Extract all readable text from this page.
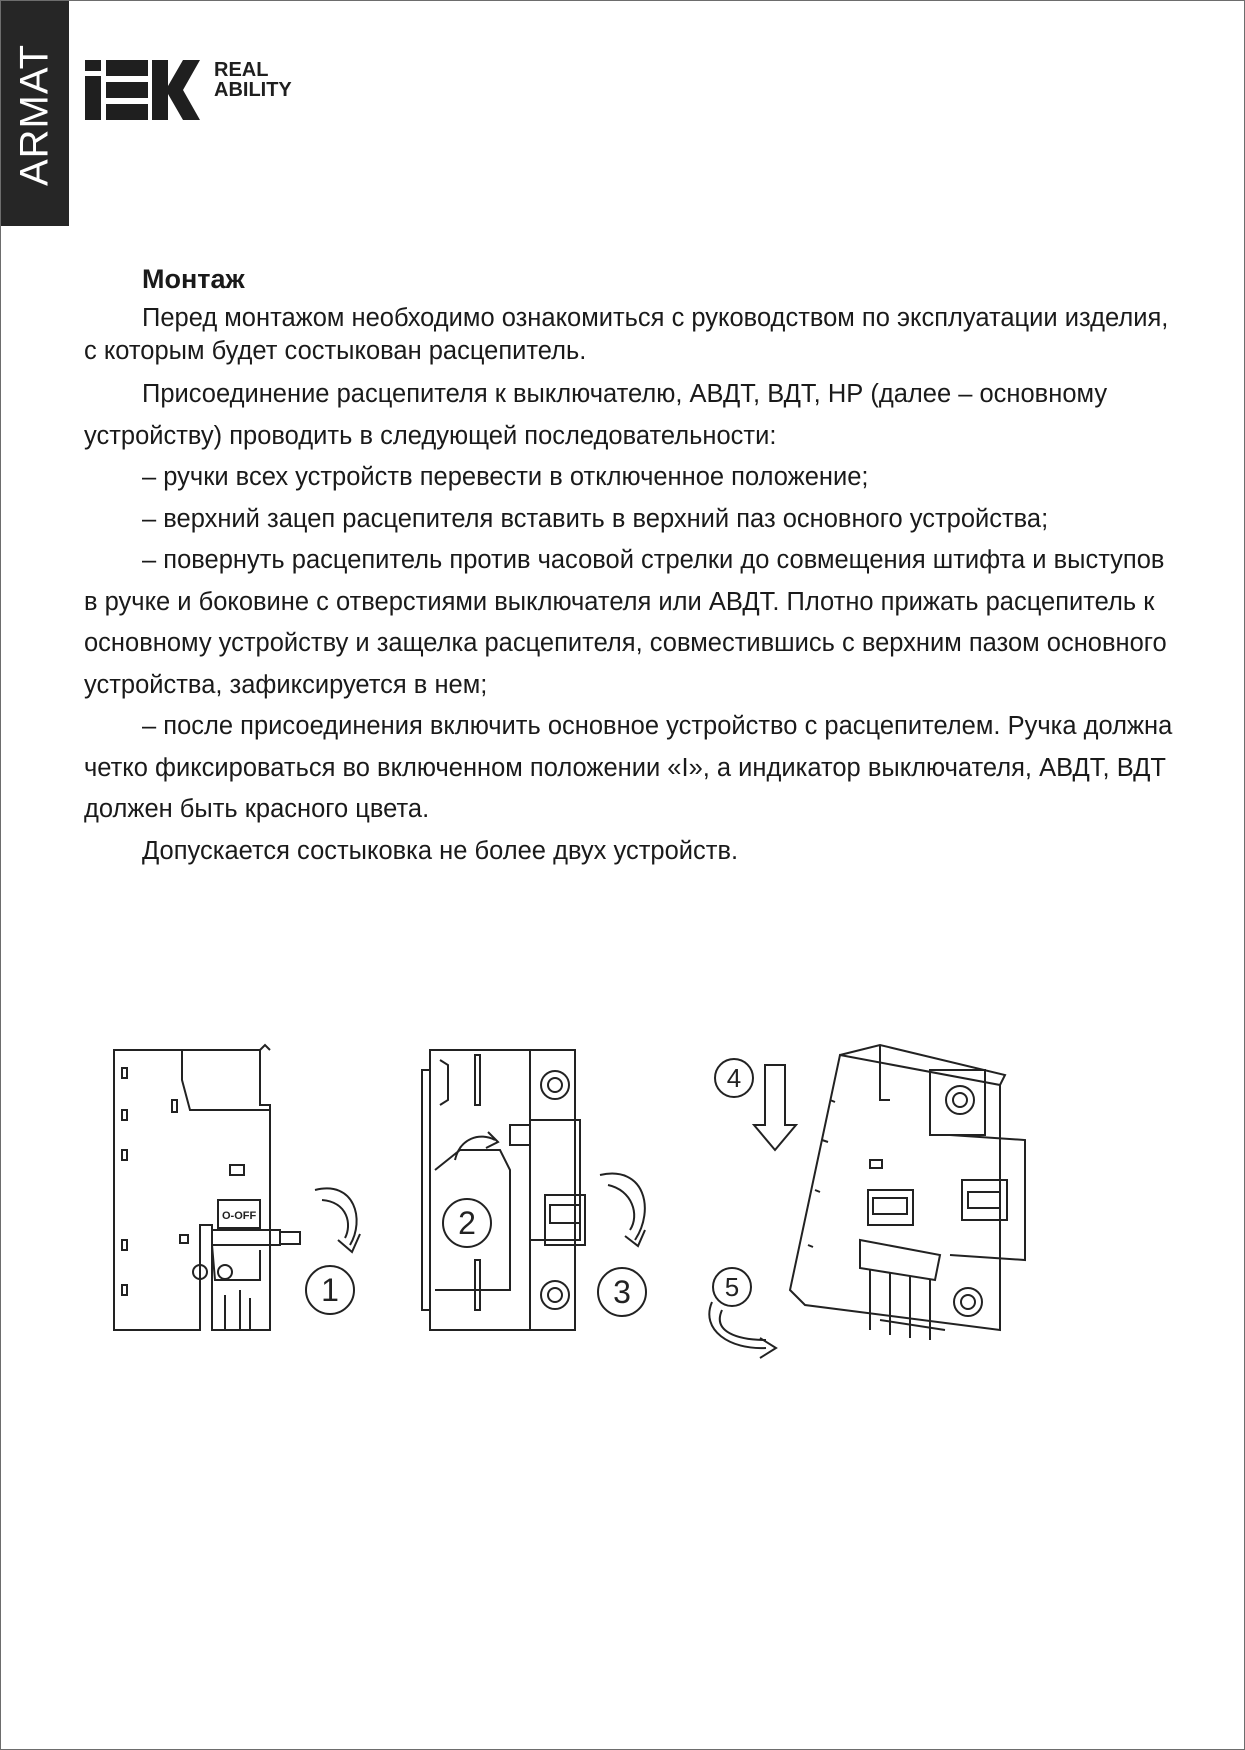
ARMAT	REAL
ABILITY
Монтаж

Перед монтажом необходимо ознакомиться с руководством по эксплуатации изделия, с которым будет состыкован расцепитель.

Присоединение расцепителя к выключателю, АВДТ, ВДТ, НР (далее – основному устройству) проводить в следующей последовательности:

– ручки всех устройств перевести в отключенное положение;

– верхний зацеп расцепителя вставить в верхний паз основного устройства;

– повернуть расцепитель против часовой стрелки до совмещения штифта и выступов в ручке и боковине с отверстиями выключателя или АВДТ. Плотно прижать расцепитель к основному устройству и защелка расцепителя, совместившись с верхним пазом основного устройства, зафиксируется в нем;

– после присоединения включить основное устройство с расцепителем. Ручка должна четко фиксироваться во включенном положении «I», а индикатор выключателя, АВДТ, ВДТ должен быть красного цвета.

Допускается состыковка не более двух устройств.

O-OFF
1
2
3
4
5
